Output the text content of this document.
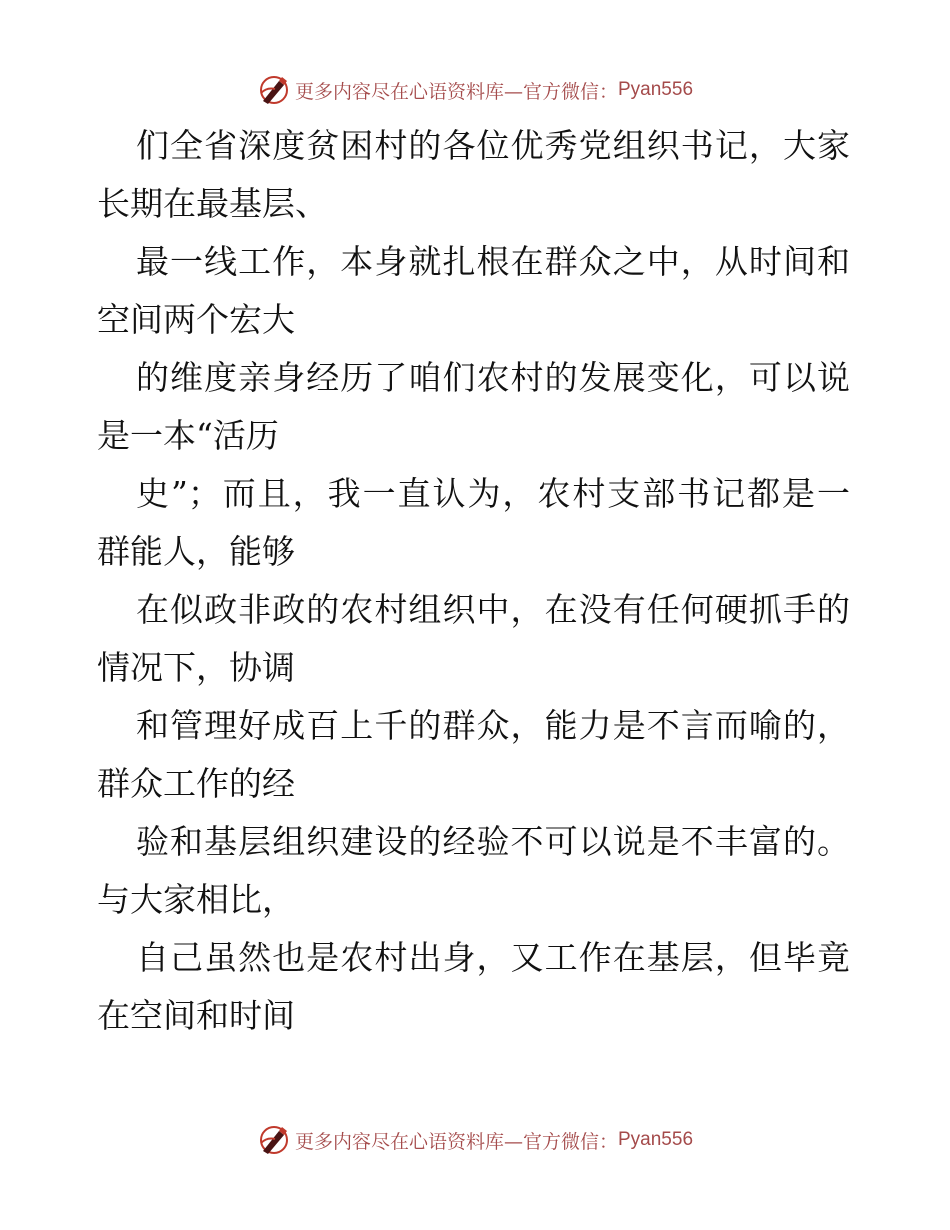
更多内容尽在心语资料库—官方微信： Pyan556
们全省深度贫困村的各位优秀党组织书记，大家
长期在最基层、
最一线工作，本身就扎根在群众之中，从时间和
空间两个宏大
的维度亲身经历了咱们农村的发展变化，可以说
是一本“活历
史”；而且，我一直认为，农村支部书记都是一
群能人，能够
在似政非政的农村组织中，在没有任何硬抓手的
情况下，协调
和管理好成百上千的群众，能力是不言而喻的，
群众工作的经
验和基层组织建设的经验不可以说是不丰富的。
与大家相比，
自己虽然也是农村出身，又工作在基层，但毕竟
在空间和时间
更多内容尽在心语资料库—官方微信： Pyan556
